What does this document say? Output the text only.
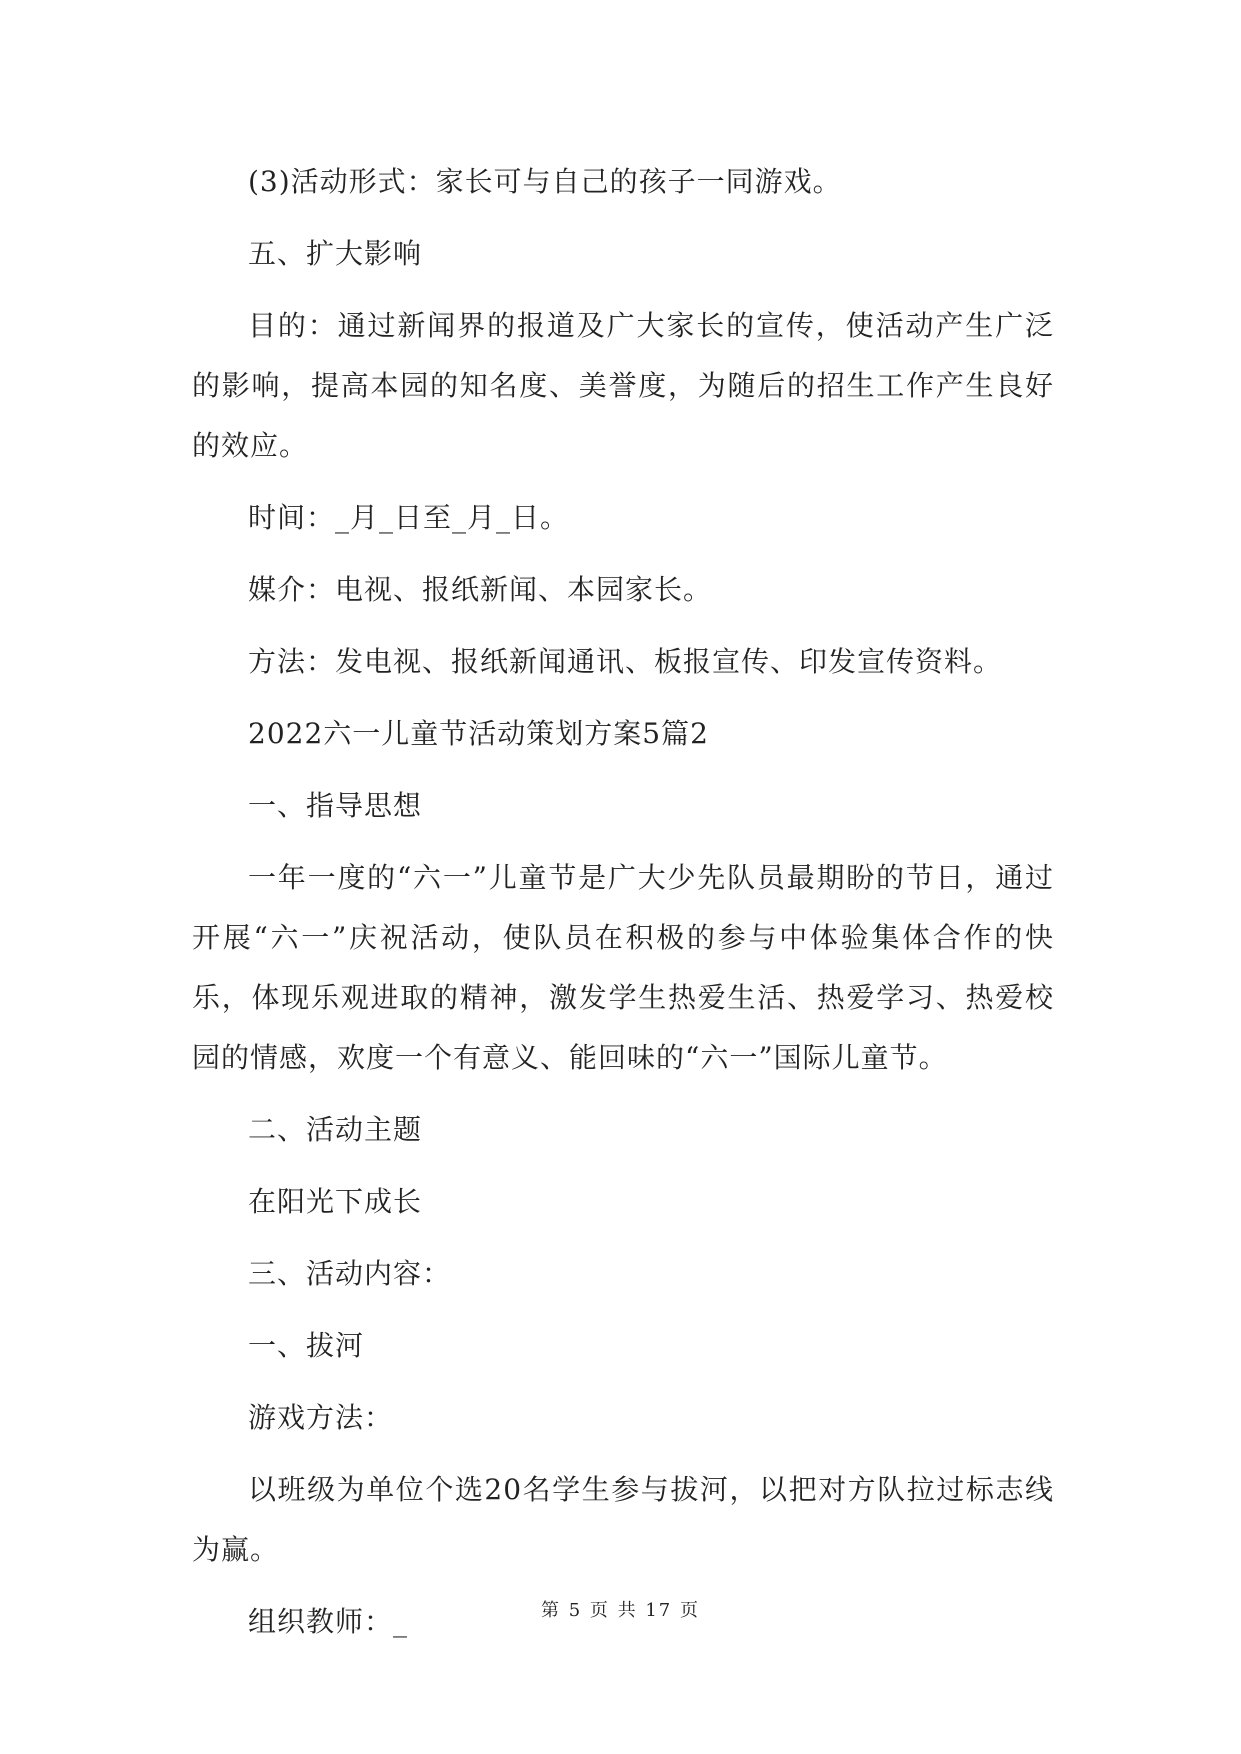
(3)活动形式：家长可与自己的孩子一同游戏。

五、扩大影响

目的：通过新闻界的报道及广大家长的宣传，使活动产生广泛的影响，提高本园的知名度、美誉度，为随后的招生工作产生良好的效应。

时间：_月_日至_月_日。

媒介：电视、报纸新闻、本园家长。

方法：发电视、报纸新闻通讯、板报宣传、印发宣传资料。

2022六一儿童节活动策划方案5篇2

一、指导思想

一年一度的“六一”儿童节是广大少先队员最期盼的节日，通过开展“六一”庆祝活动，使队员在积极的参与中体验集体合作的快乐，体现乐观进取的精神，激发学生热爱生活、热爱学习、热爱校园的情感，欢度一个有意义、能回味的“六一”国际儿童节。

二、活动主题

在阳光下成长

三、活动内容：

一、拔河

游戏方法：

以班级为单位个选20名学生参与拔河，以把对方队拉过标志线为赢。

组织教师：_	第 5 页 共 17 页
